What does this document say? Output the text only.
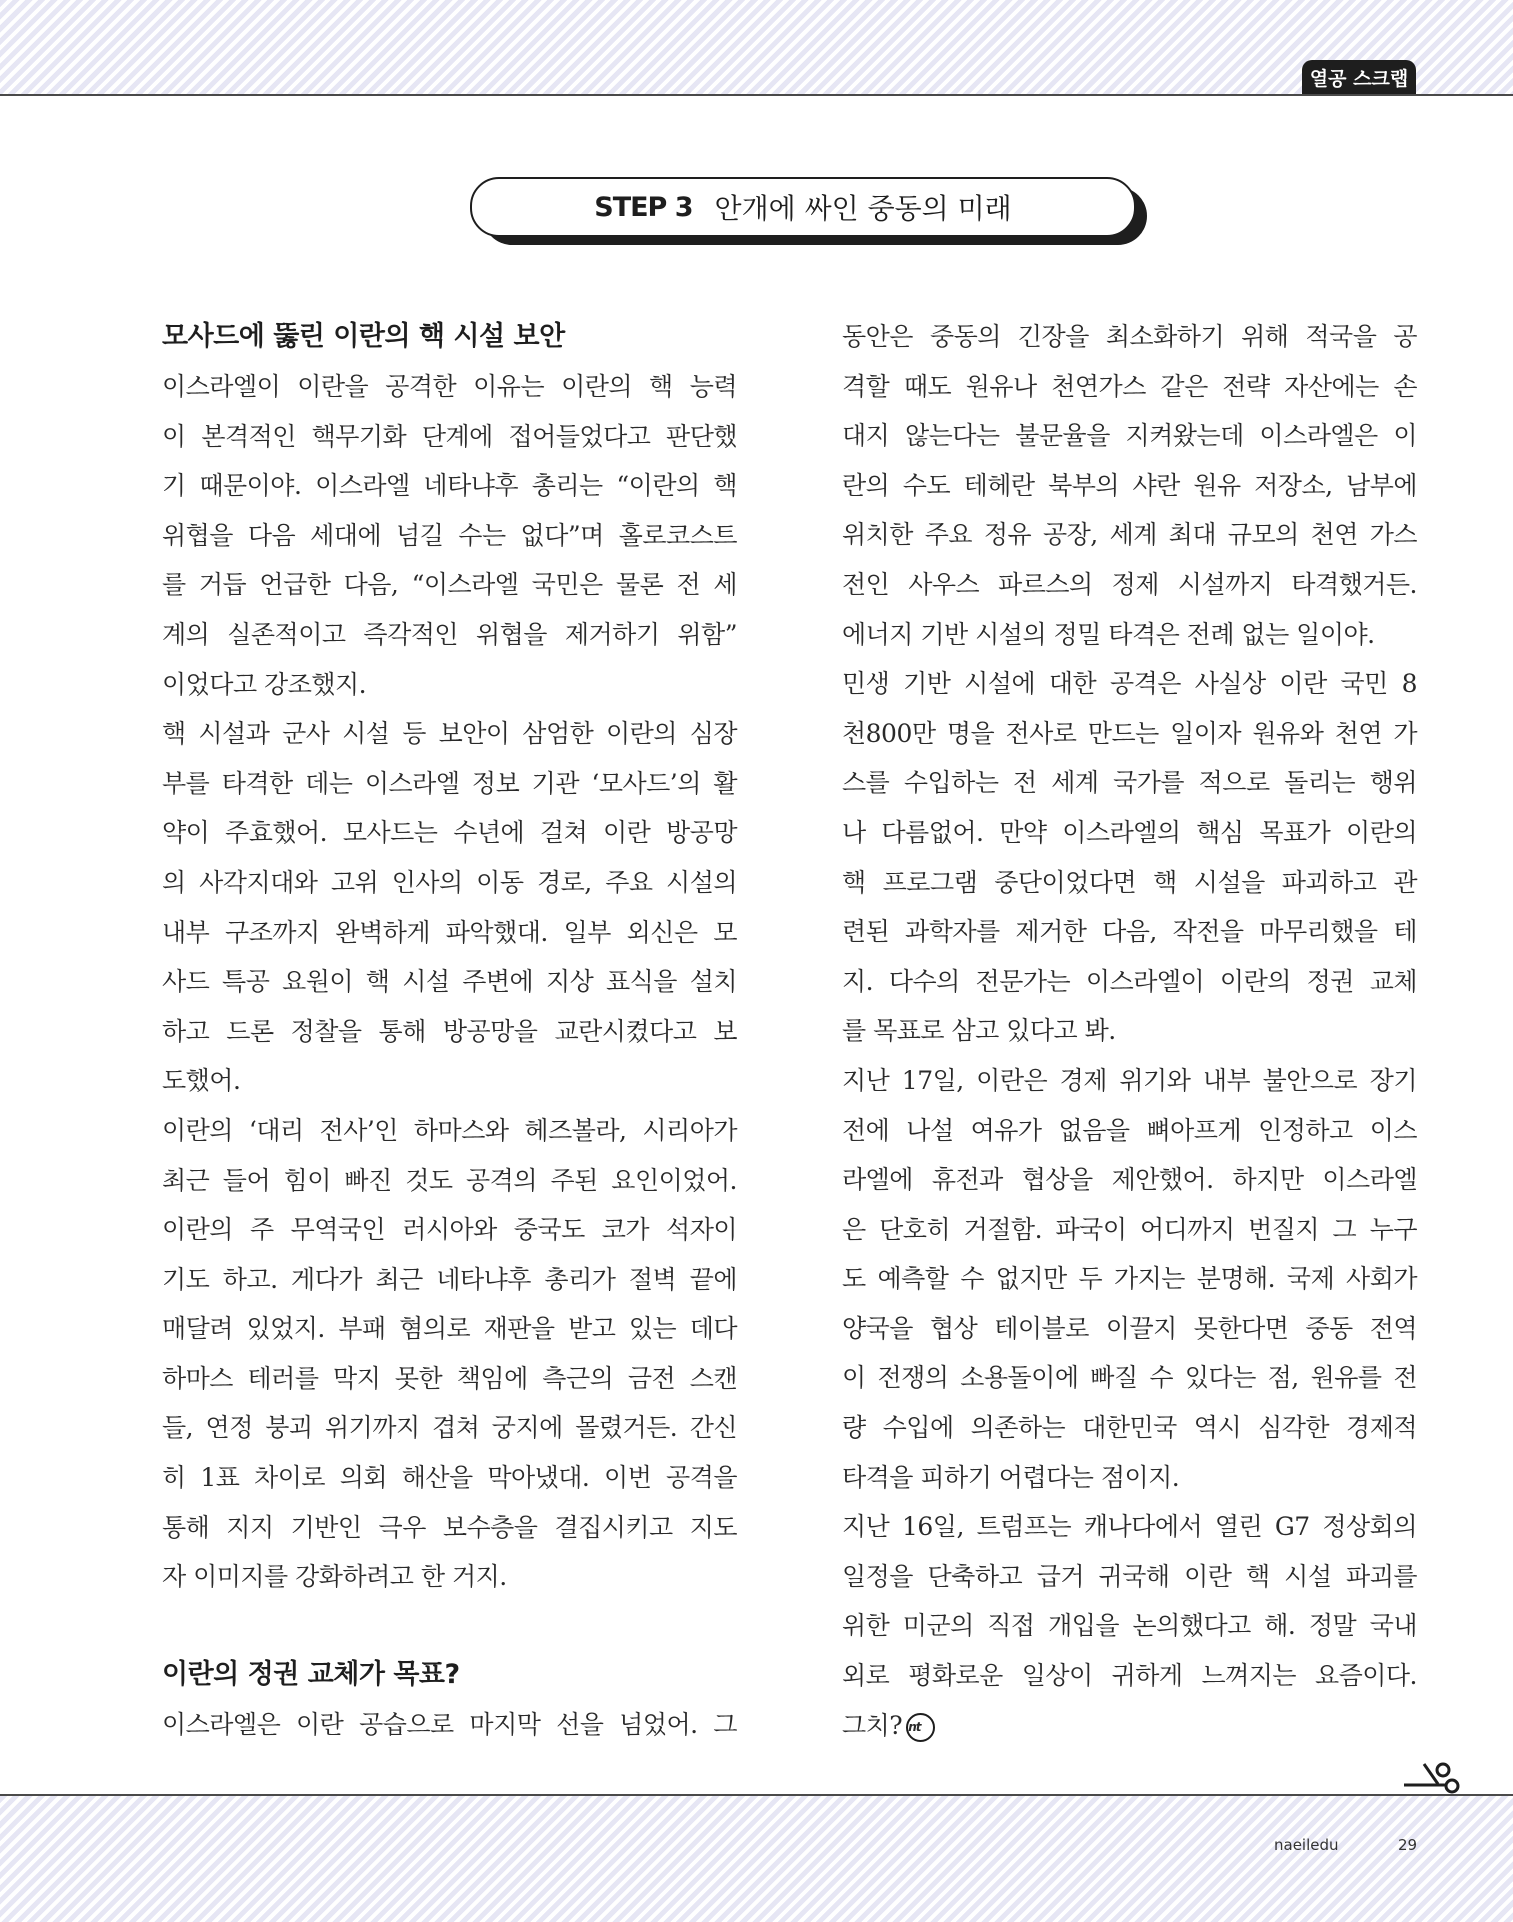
열공 스크랩
STEP 3 안개에 싸인 중동의 미래
모사드에 뚫린 이란의 핵 시설 보안
이스라엘이 이란을 공격한 이유는 이란의 핵 능력
이 본격적인 핵무기화 단계에 접어들었다고 판단했
기 때문이야. 이스라엘 네타냐후 총리는 “이란의 핵
위협을 다음 세대에 넘길 수는 없다”며 홀로코스트
를 거듭 언급한 다음, “이스라엘 국민은 물론 전 세
계의 실존적이고 즉각적인 위협을 제거하기 위함”
이었다고 강조했지.
핵 시설과 군사 시설 등 보안이 삼엄한 이란의 심장
부를 타격한 데는 이스라엘 정보 기관 ‘모사드’의 활
약이 주효했어. 모사드는 수년에 걸쳐 이란 방공망
의 사각지대와 고위 인사의 이동 경로, 주요 시설의
내부 구조까지 완벽하게 파악했대. 일부 외신은 모
사드 특공 요원이 핵 시설 주변에 지상 표식을 설치
하고 드론 정찰을 통해 방공망을 교란시켰다고 보
도했어.
이란의 ‘대리 전사’인 하마스와 헤즈볼라, 시리아가
최근 들어 힘이 빠진 것도 공격의 주된 요인이었어.
이란의 주 무역국인 러시아와 중국도 코가 석자이
기도 하고. 게다가 최근 네타냐후 총리가 절벽 끝에
매달려 있었지. 부패 혐의로 재판을 받고 있는 데다
하마스 테러를 막지 못한 책임에 측근의 금전 스캔
들, 연정 붕괴 위기까지 겹쳐 궁지에 몰렸거든. 간신
히 1표 차이로 의회 해산을 막아냈대. 이번 공격을
통해 지지 기반인 극우 보수층을 결집시키고 지도
자 이미지를 강화하려고 한 거지.
이란의 정권 교체가 목표?
이스라엘은 이란 공습으로 마지막 선을 넘었어. 그
동안은 중동의 긴장을 최소화하기 위해 적국을 공
격할 때도 원유나 천연가스 같은 전략 자산에는 손
대지 않는다는 불문율을 지켜왔는데 이스라엘은 이
란의 수도 테헤란 북부의 샤란 원유 저장소, 남부에
위치한 주요 정유 공장, 세계 최대 규모의 천연 가스
전인 사우스 파르스의 정제 시설까지 타격했거든.
에너지 기반 시설의 정밀 타격은 전례 없는 일이야.
민생 기반 시설에 대한 공격은 사실상 이란 국민 8
천800만 명을 전사로 만드는 일이자 원유와 천연 가
스를 수입하는 전 세계 국가를 적으로 돌리는 행위
나 다름없어. 만약 이스라엘의 핵심 목표가 이란의
핵 프로그램 중단이었다면 핵 시설을 파괴하고 관
련된 과학자를 제거한 다음, 작전을 마무리했을 테
지. 다수의 전문가는 이스라엘이 이란의 정권 교체
를 목표로 삼고 있다고 봐.
지난 17일, 이란은 경제 위기와 내부 불안으로 장기
전에 나설 여유가 없음을 뼈아프게 인정하고 이스
라엘에 휴전과 협상을 제안했어. 하지만 이스라엘
은 단호히 거절함. 파국이 어디까지 번질지 그 누구
도 예측할 수 없지만 두 가지는 분명해. 국제 사회가
양국을 협상 테이블로 이끌지 못한다면 중동 전역
이 전쟁의 소용돌이에 빠질 수 있다는 점, 원유를 전
량 수입에 의존하는 대한민국 역시 심각한 경제적
타격을 피하기 어렵다는 점이지.
지난 16일, 트럼프는 캐나다에서 열린 G7 정상회의
일정을 단축하고 급거 귀국해 이란 핵 시설 파괴를
위한 미군의 직접 개입을 논의했다고 해. 정말 국내
외로 평화로운 일상이 귀하게 느껴지는 요즘이다.
그치? nt
naeiledu	29
